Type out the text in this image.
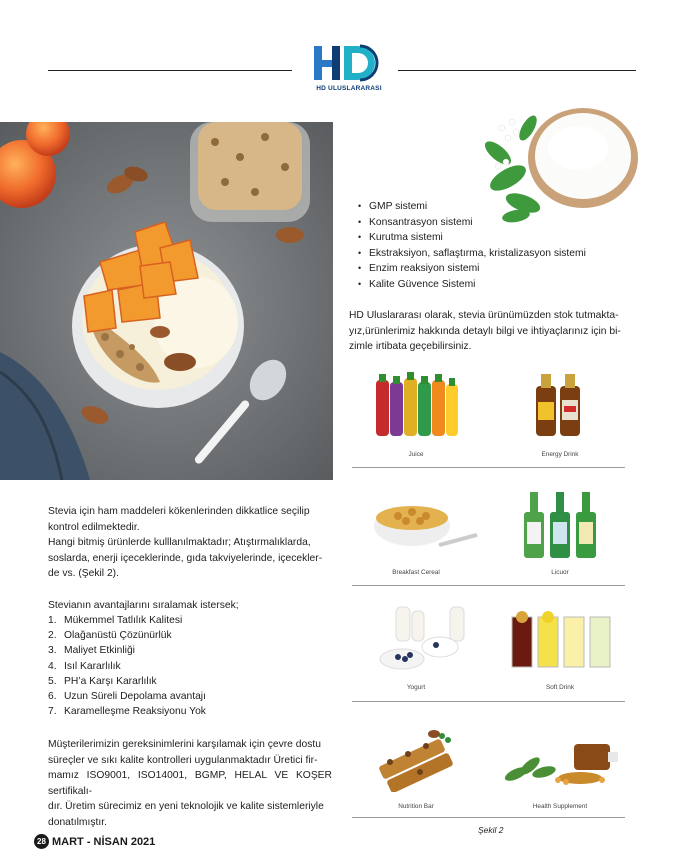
HD ULUSLARARASI
• GMP sistemi
• Konsantrasyon sistemi
• Kurutma sistemi
• Ekstraksiyon, saflaştırma, kristalizasyon sistemi
• Enzim reaksiyon sistemi
• Kalite Güvence Sistemi
HD Uluslararası olarak, stevia ürünümüzden stok tutmakta-
yız,ürünlerimiz hakkında detaylı bilgi ve ihtiyaçlarınız için bi-
zimle irtibata geçebilirsiniz.
Juice	Energy Drink
Breakfast Cereal	Licuor
Yogurt	Soft Drink
Nutrition Bar	Health Supplement
Şekil 2
Stevia için ham maddeleri kökenlerinden dikkatlice seçilip
kontrol edilmektedir.
Hangi bitmiş ürünlerde kulllanılmaktadır; Atıştırmalıklarda,
soslarda, enerji içeceklerinde, gıda takviyelerinde, içecekler-
de vs. (Şekil 2).
Stevianın avantajlarını sıralamak istersek;
1. Mükemmel Tatlılık Kalitesi
2. Olağanüstü Çözünürlük
3. Maliyet Etkinliği
4. Isıl Kararlılık
5. PH’a Karşı Kararlılık
6. Uzun Süreli Depolama avantajı
7. Karamelleşme Reaksiyonu Yok
Müşterilerimizin gereksinimlerini karşılamak için çevre dostu
süreçler ve sıkı kalite kontrolleri uygulanmaktadır Üretici fir-
mamız ISO9001, ISO14001, BGMP, HELAL VE KOŞER sertifikalı-
dır. Üretim sürecimiz en yeni teknolojik ve kalite sistemleriyle
donatılmıştır.
28 MART - NİSAN 2021
